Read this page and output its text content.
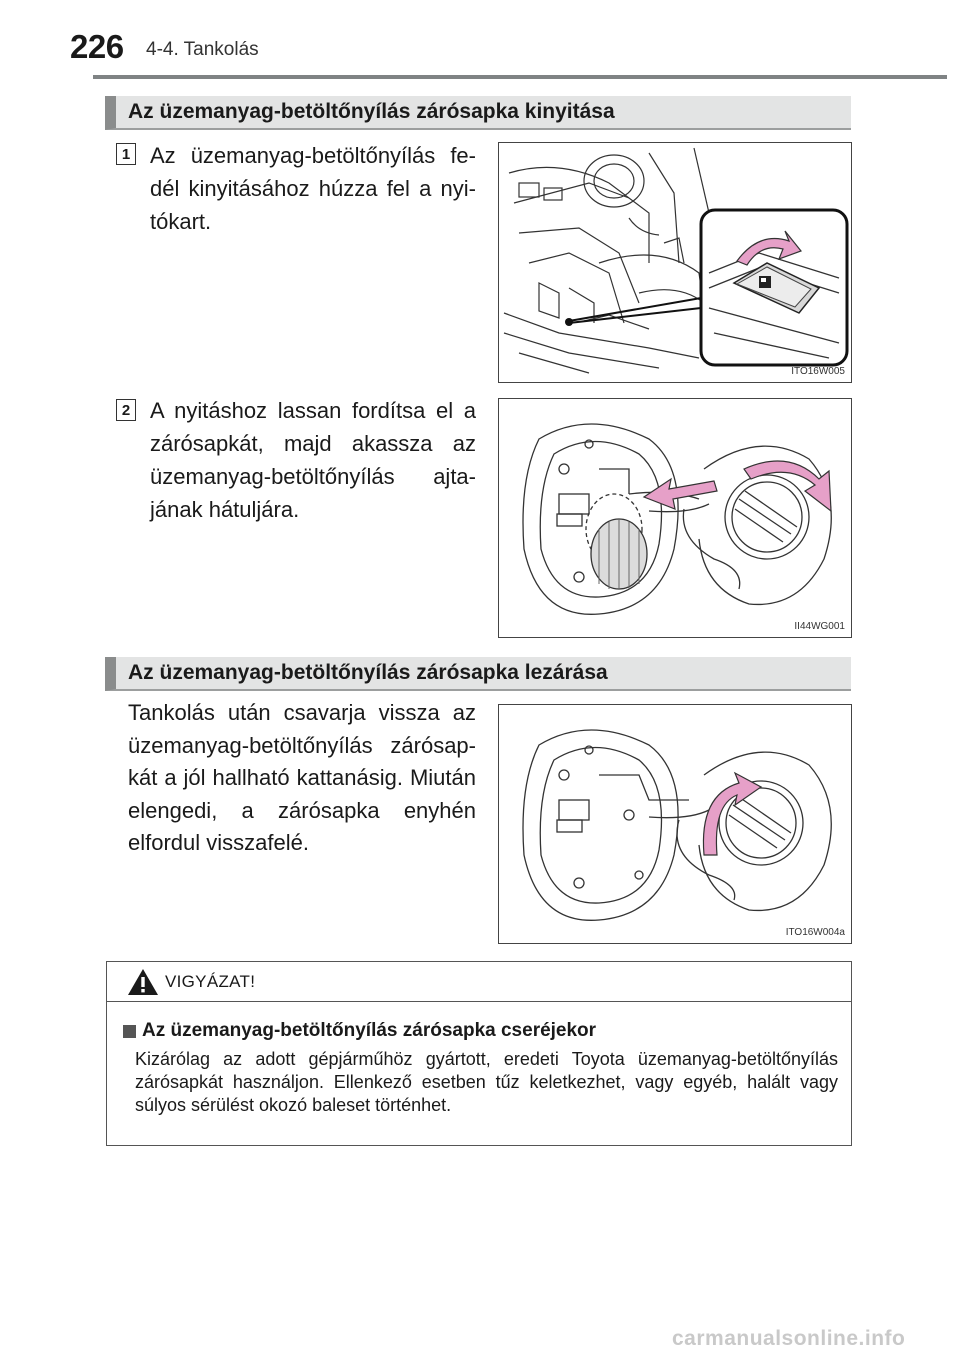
226 4-4. Tankolás
Az üzemanyag-betöltőnyílás zárósapka kinyitása
1 Az üzemanyag-betöltőnyílás fedél kinyitásához húzza fel a nyitókart.
ITO16W005
2 A nyitáshoz lassan fordítsa el a zárósapkát, majd akassza az üzemanyag-betöltőnyílás ajtajának hátuljára.
II44WG001
Az üzemanyag-betöltőnyílás zárósapka lezárása
Tankolás után csavarja vissza az üzemanyag-betöltőnyílás zárósapkát a jól hallható kattanásig. Miután elengedi, a zárósapka enyhén elfordul visszafelé.
ITO16W004a
VIGYÁZAT!
Az üzemanyag-betöltőnyílás zárósapka cseréjekor
Kizárólag az adott gépjárműhöz gyártott, eredeti Toyota üzemanyag-betöltőnyílás zárósapkát használjon. Ellenkező esetben tűz keletkezhet, vagy egyéb, halált vagy súlyos sérülést okozó baleset történhet.
carmanualsonline.info
